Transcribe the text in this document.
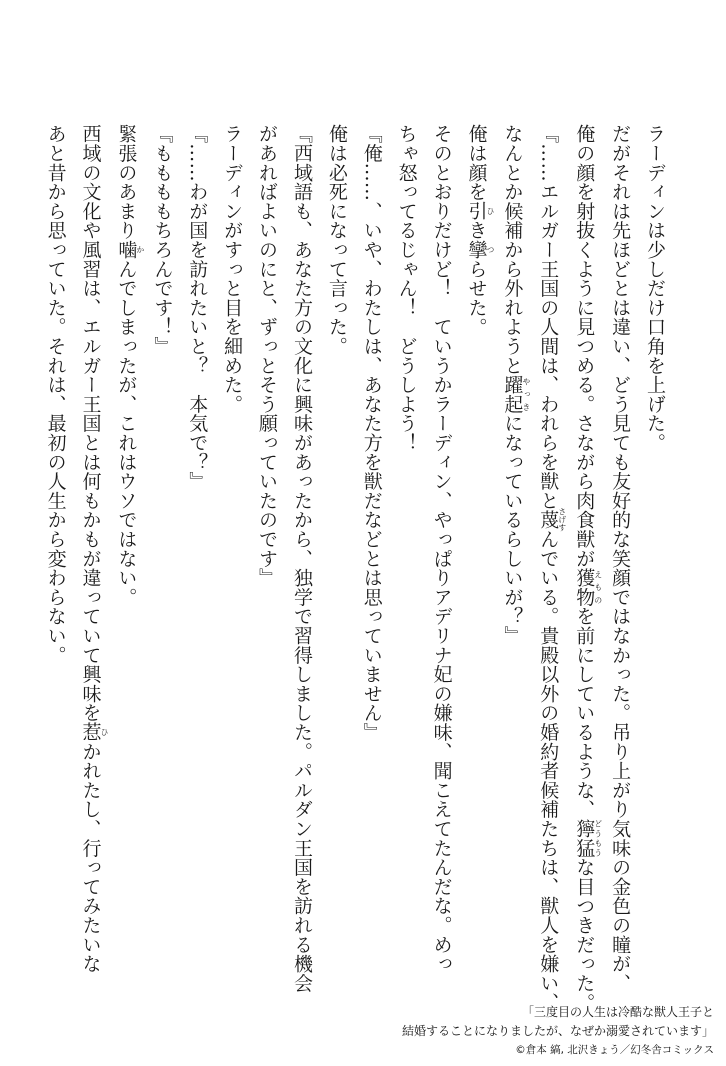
ラーディンは少しだけ口角を上げた。
だがそれは先ほどとは違い、どう見ても友好的な笑顔ではなかった。吊り上がり気味の金色の瞳が、
俺の顔を射抜くように見つめる。さながら肉食獣が獲物えものを前にしているような、獰猛どうもうな目つきだった。
『……エルガー王国の人間は、われらを獣と蔑さげすんでいる。貴殿以外の婚約者候補たちは、獣人を嫌い、
なんとか候補から外れようと躍起やっきになっているらしいが？』
俺は顔を引ひき攣つらせた。
そのとおりだけど！　ていうかラーディン、やっぱりアデリナ妃の嫌味、聞こえてたんだな。めっ
ちゃ怒ってるじゃん！　どうしよう！
『俺……、いや、わたしは、あなた方を獣だなどとは思っていません』
俺は必死になって言った。
『西域語も、あなた方の文化に興味があったから、独学で習得しました。パルダン王国を訪れる機会
があればよいのにと、ずっとそう願っていたのです』
ラーディンがすっと目を細めた。
『……わが国を訪れたいと？　本気で？』
『ももももちろんです！』
緊張のあまり噛かんでしまったが、これはウソではない。
西域の文化や風習は、エルガー王国とは何もかもが違っていて興味を惹ひかれたし、行ってみたいな
あと昔から思っていた。それは、最初の人生から変わらない。
「三度目の人生は冷酷な獣人王子と
結婚することになりましたが、なぜか溺愛されています」
©倉本 縞, 北沢きょう／幻冬舎コミックス
